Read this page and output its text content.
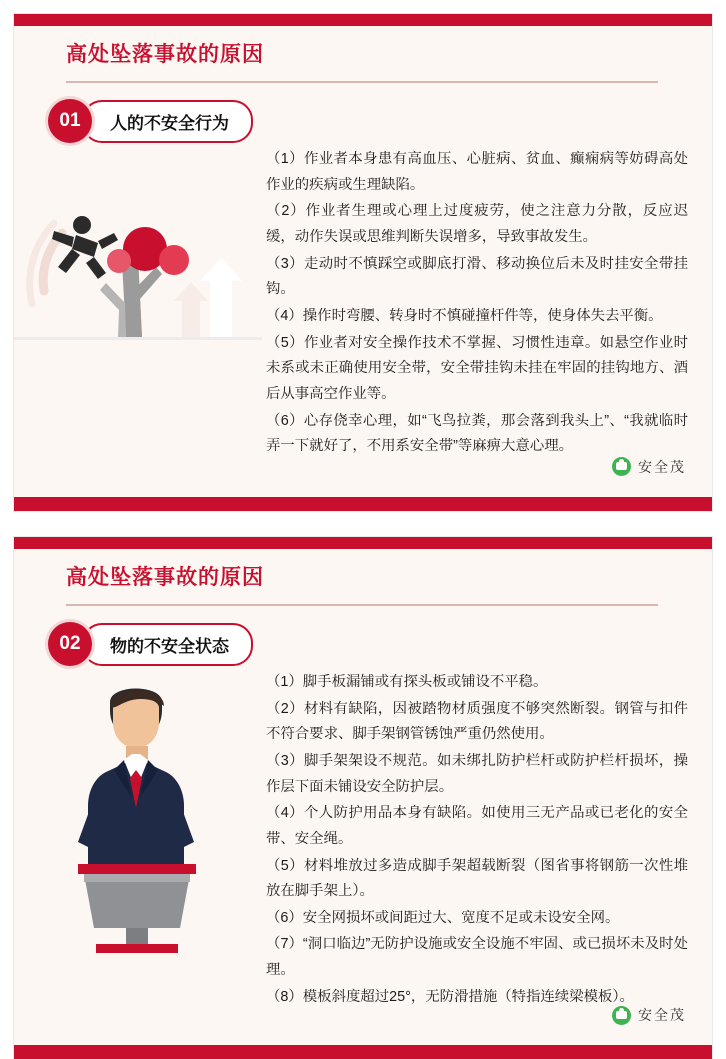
高处坠落事故的原因
01	人的不安全行为

（1）作业者本身患有高血压、心脏病、贫血、癫痫病等妨碍高处作业的疾病或生理缺陷。

（2）作业者生理或心理上过度疲劳，使之注意力分散，反应迟缓，动作失误或思维判断失误增多，导致事故发生。

（3）走动时不慎踩空或脚底打滑、移动换位后未及时挂安全带挂钩。

（4）操作时弯腰、转身时不慎碰撞杆件等，使身体失去平衡。

（5）作业者对安全操作技术不掌握、习惯性违章。如悬空作业时未系或未正确使用安全带，安全带挂钩未挂在牢固的挂钩地方、酒后从事高空作业等。

（6）心存侥幸心理，如“飞鸟拉粪，那会落到我头上”、“我就临时弄一下就好了，不用系安全带”等麻痹大意心理。

安全茂
高处坠落事故的原因
02	物的不安全状态

（1）脚手板漏铺或有探头板或铺设不平稳。

（2）材料有缺陷，因被踏物材质强度不够突然断裂。钢管与扣件不符合要求、脚手架钢管锈蚀严重仍然使用。

（3）脚手架架设不规范。如未绑扎防护栏杆或防护栏杆损坏，操作层下面未铺设安全防护层。

（4）个人防护用品本身有缺陷。如使用三无产品或已老化的安全带、安全绳。

（5）材料堆放过多造成脚手架超载断裂（图省事将钢筋一次性堆放在脚手架上）。

（6）安全网损坏或间距过大、宽度不足或未设安全网。

（7）“洞口临边”无防护设施或安全设施不牢固、或已损坏未及时处理。

（8）模板斜度超过25°，无防滑措施（特指连续梁模板）。

安全茂
